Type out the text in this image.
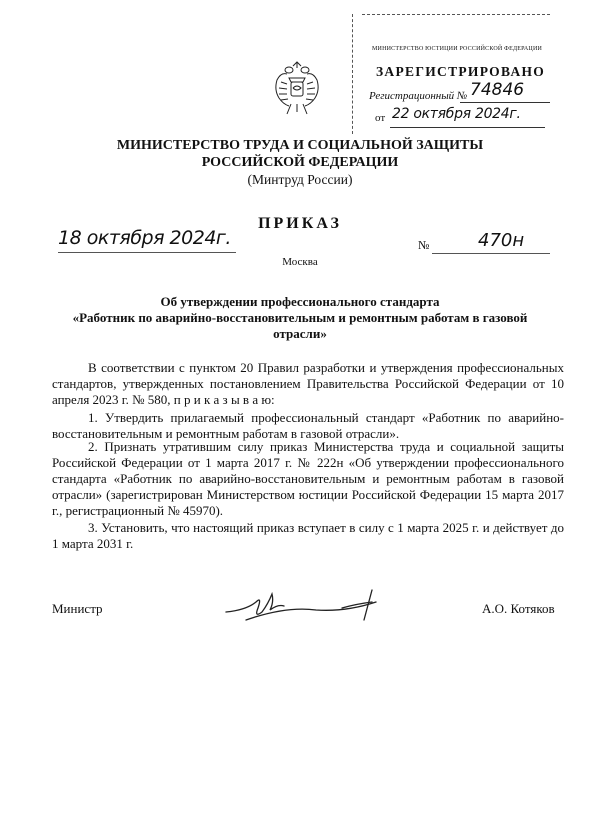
МИНИСТЕРСТВО ЮСТИЦИИ РОССИЙСКОЙ ФЕДЕРАЦИИ
ЗАРЕГИСТРИРОВАНО
Регистрационный № 74846
от 22 октября 2024г.
МИНИСТЕРСТВО ТРУДА И СОЦИАЛЬНОЙ ЗАЩИТЫ
РОССИЙСКОЙ ФЕДЕРАЦИИ
(Минтруд России)
ПРИКАЗ
18 октября 2024г.	№	470н
Москва
Об утверждении профессионального стандарта
«Работник по аварийно-восстановительным и ремонтным работам в газовой
отрасли»

В соответствии с пунктом 20 Правил разработки и утверждения профессиональных стандартов, утвержденных постановлением Правительства Российской Федерации от 10 апреля 2023 г. № 580, п р и к а з ы в а ю:

1. Утвердить прилагаемый профессиональный стандарт «Работник по аварийно-восстановительным и ремонтным работам в газовой отрасли».

2. Признать утратившим силу приказ Министерства труда и социальной защиты Российской Федерации от 1 марта 2017 г. № 222н «Об утверждении профессионального стандарта «Работник по аварийно-восстановительным и ремонтным работам в газовой отрасли» (зарегистрирован Министерством юстиции Российской Федерации 15 марта 2017 г., регистрационный № 45970).

3. Установить, что настоящий приказ вступает в силу с 1 марта 2025 г. и действует до 1 марта 2031 г.

Министр	А.О. Котяков
